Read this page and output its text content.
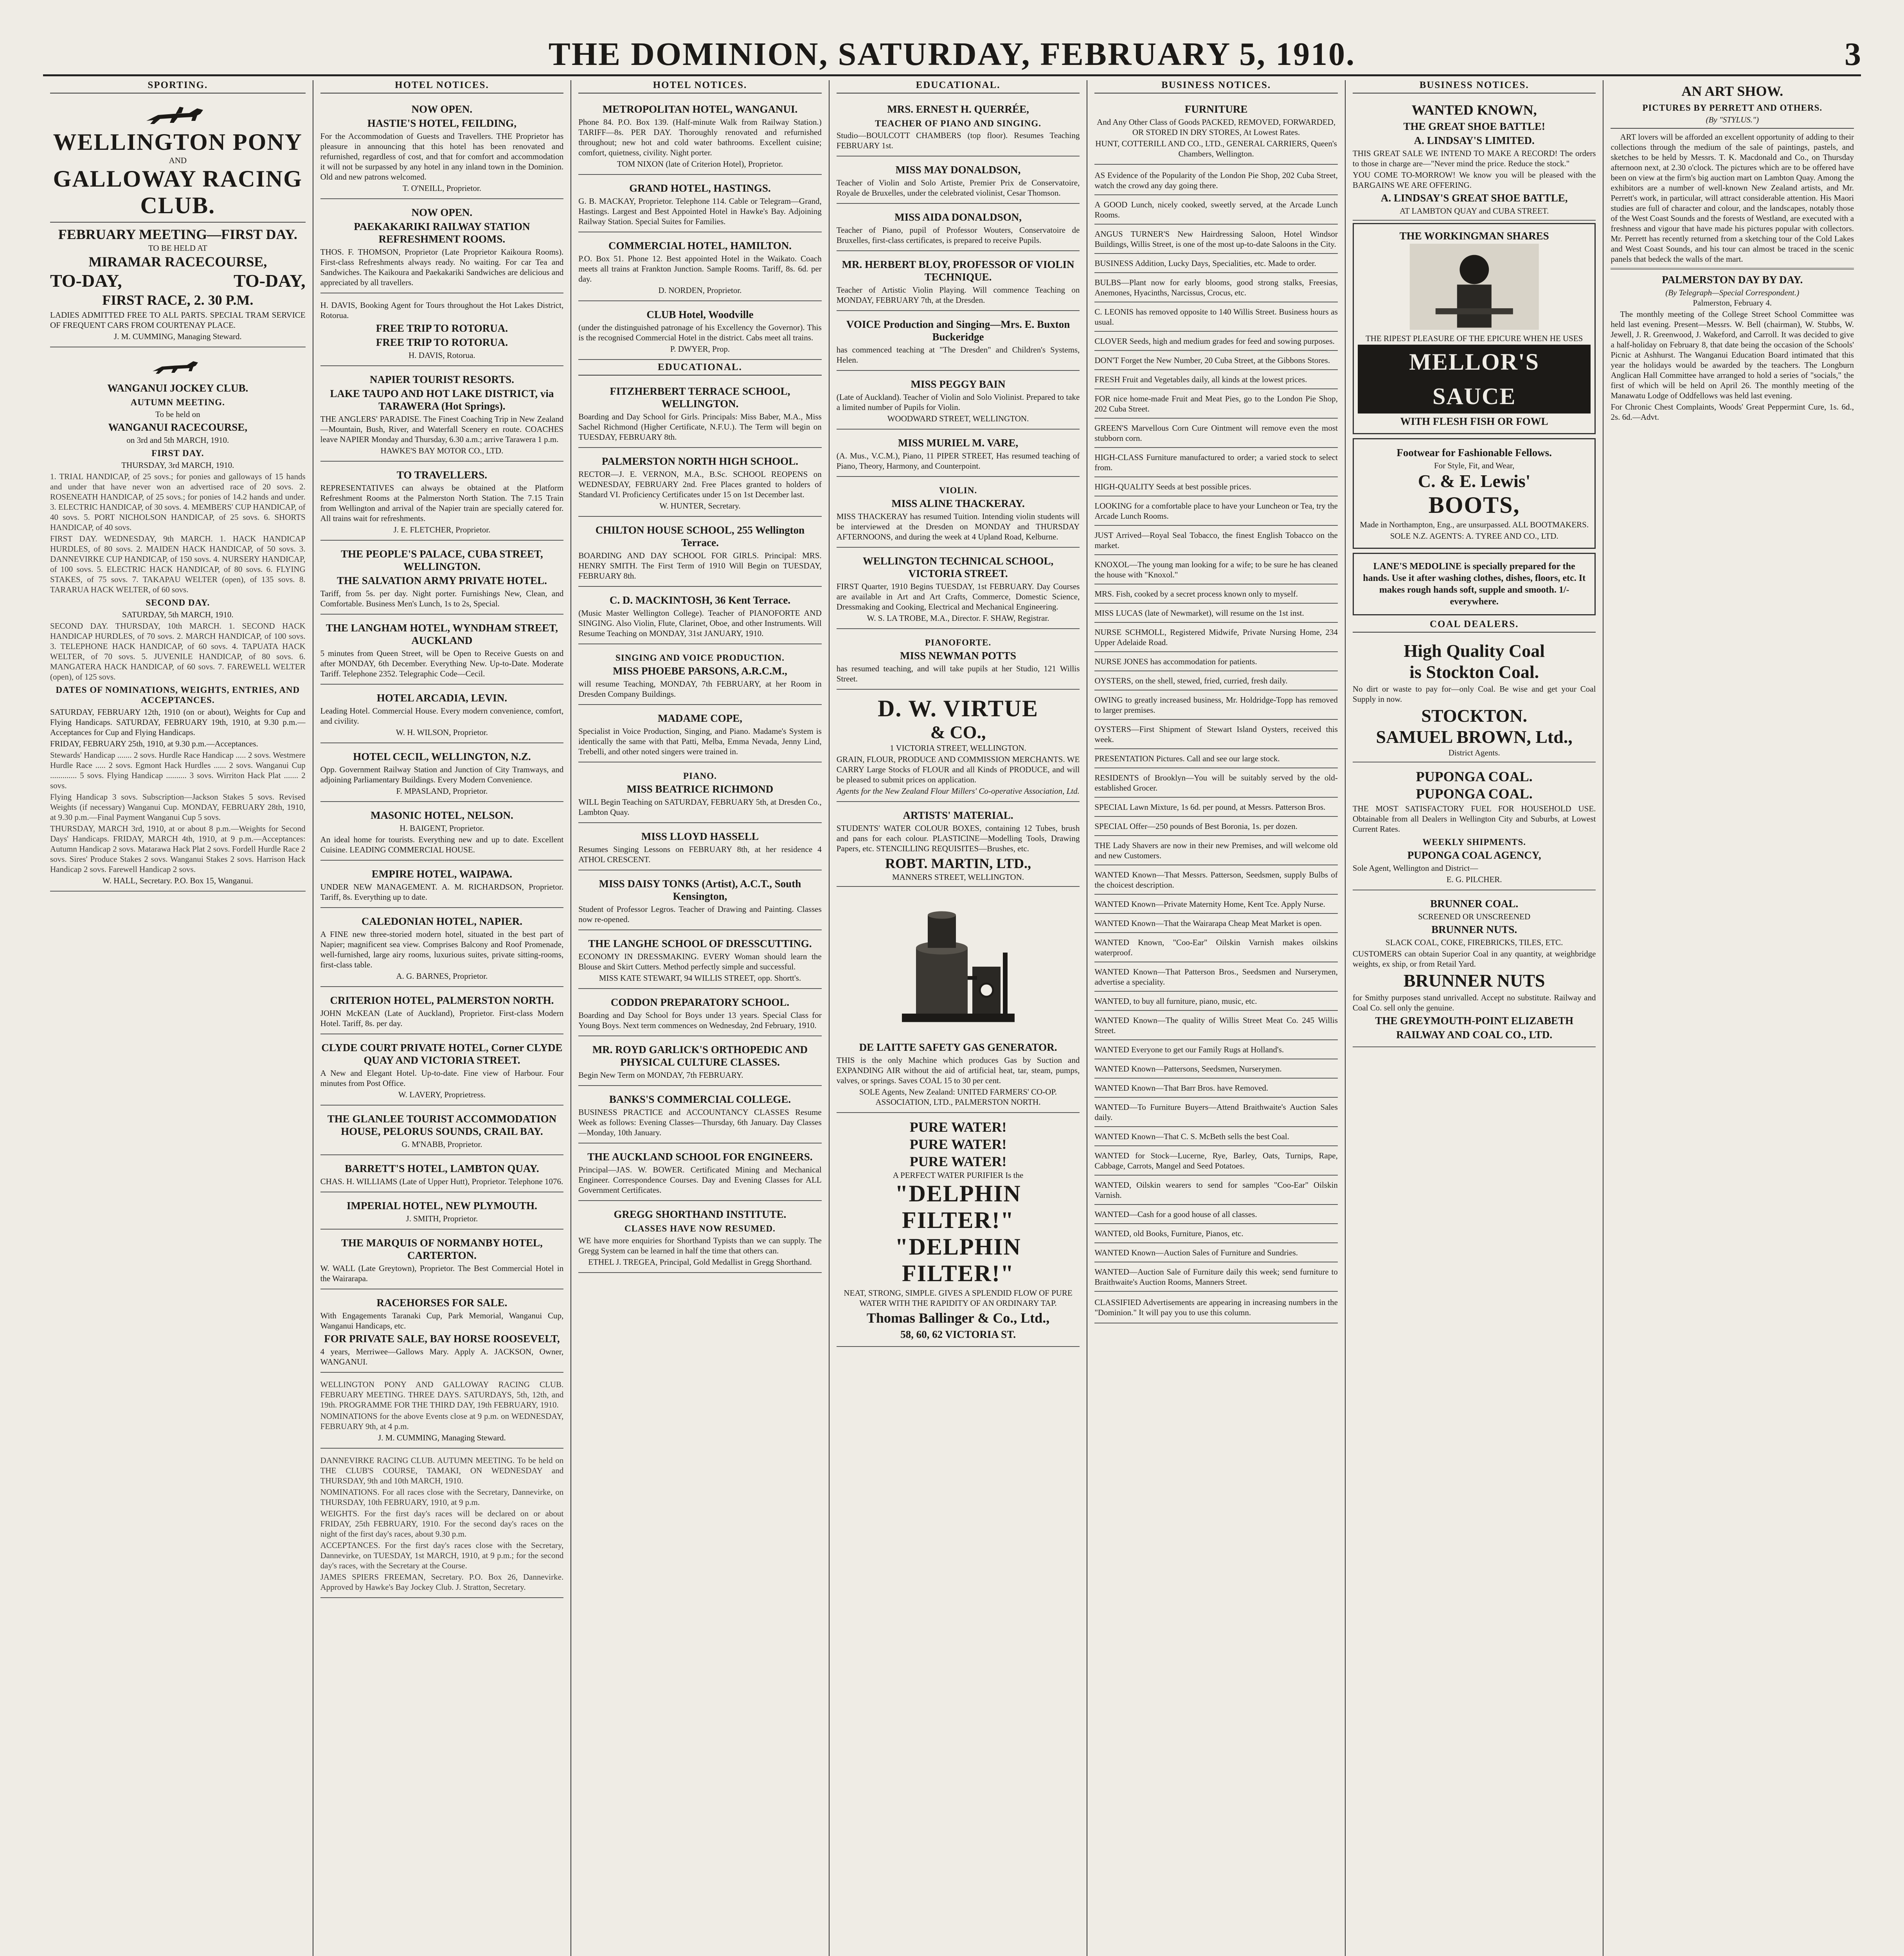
THE DOMINION, SATURDAY, FEBRUARY 5, 1910.	3
SPORTING.
WELLINGTON PONY
AND
GALLOWAY RACING CLUB.
FEBRUARY MEETING—FIRST DAY.
TO BE HELD AT
MIRAMAR RACECOURSE,
TO-DAY,	TO-DAY,
FIRST RACE, 2. 30 P.M.
LADIES ADMITTED FREE TO ALL PARTS. SPECIAL TRAM SERVICE OF FREQUENT CARS FROM COURTENAY PLACE.
J. M. CUMMING, Managing Steward.
WANGANUI JOCKEY CLUB.
AUTUMN MEETING.
To be held on
WANGANUI RACECOURSE,
on 3rd and 5th MARCH, 1910.
FIRST DAY.
THURSDAY, 3rd MARCH, 1910.
1. TRIAL HANDICAP, of 25 sovs.; for ponies and galloways of 15 hands and under that have never won an advertised race of 20 sovs. 2. ROSENEATH HANDICAP, of 25 sovs.; for ponies of 14.2 hands and under. 3. ELECTRIC HANDICAP, of 30 sovs. 4. MEMBERS' CUP HANDICAP, of 40 sovs. 5. PORT NICHOLSON HANDICAP, of 25 sovs. 6. SHORTS HANDICAP, of 40 sovs.
FIRST DAY. WEDNESDAY, 9th MARCH. 1. HACK HANDICAP HURDLES, of 80 sovs. 2. MAIDEN HACK HANDICAP, of 50 sovs. 3. DANNEVIRKE CUP HANDICAP, of 150 sovs. 4. NURSERY HANDICAP, of 100 sovs. 5. ELECTRIC HACK HANDICAP, of 80 sovs. 6. FLYING STAKES, of 75 sovs. 7. TAKAPAU WELTER (open), of 135 sovs. 8. TARARUA HACK WELTER, of 60 sovs.
SECOND DAY.
SATURDAY, 5th MARCH, 1910.
SECOND DAY. THURSDAY, 10th MARCH. 1. SECOND HACK HANDICAP HURDLES, of 70 sovs. 2. MARCH HANDICAP, of 100 sovs. 3. TELEPHONE HACK HANDICAP, of 60 sovs. 4. TAPUATA HACK WELTER, of 70 sovs. 5. JUVENILE HANDICAP, of 80 sovs. 6. MANGATERA HACK HANDICAP, of 60 sovs. 7. FAREWELL WELTER (open), of 125 sovs.
DATES OF NOMINATIONS, WEIGHTS, ENTRIES, AND ACCEPTANCES.
SATURDAY, FEBRUARY 12th, 1910 (on or about), Weights for Cup and Flying Handicaps. SATURDAY, FEBRUARY 19th, 1910, at 9.30 p.m.—Acceptances for Cup and Flying Handicaps.
FRIDAY, FEBRUARY 25th, 1910, at 9.30 p.m.—Acceptances.
Stewards' Handicap ....... 2 sovs. Hurdle Race Handicap ..... 2 sovs. Westmere Hurdle Race ..... 2 sovs. Egmont Hack Hurdles ...... 2 sovs. Wanganui Cup ............. 5 sovs. Flying Handicap .......... 3 sovs. Wirriton Hack Plat ....... 2 sovs.
Flying Handicap 3 sovs. Subscription—Jackson Stakes 5 sovs. Revised Weights (if necessary) Wanganui Cup. MONDAY, FEBRUARY 28th, 1910, at 9.30 p.m.—Final Payment Wanganui Cup 5 sovs.
THURSDAY, MARCH 3rd, 1910, at or about 8 p.m.—Weights for Second Days' Handicaps. FRIDAY, MARCH 4th, 1910, at 9 p.m.—Acceptances: Autumn Handicap 2 sovs. Matarawa Hack Plat 2 sovs. Fordell Hurdle Race 2 sovs. Sires' Produce Stakes 2 sovs. Wanganui Stakes 2 sovs. Harrison Hack Handicap 2 sovs. Farewell Handicap 2 sovs.
W. HALL, Secretary. P.O. Box 15, Wanganui.
HOTEL NOTICES.
NOW OPEN.
HASTIE'S HOTEL, FEILDING,
For the Accommodation of Guests and Travellers. THE Proprietor has pleasure in announcing that this hotel has been renovated and refurnished, regardless of cost, and that for comfort and accommodation it will not be surpassed by any hotel in any inland town in the Dominion. Old and new patrons welcomed.
T. O'NEILL, Proprietor.
NOW OPEN.
PAEKAKARIKI RAILWAY STATION REFRESHMENT ROOMS.
THOS. F. THOMSON, Proprietor (Late Proprietor Kaikoura Rooms). First-class Refreshments always ready. No waiting. For car Tea and Sandwiches. The Kaikoura and Paekakariki Sandwiches are delicious and appreciated by all travellers.
H. DAVIS, Booking Agent for Tours throughout the Hot Lakes District, Rotorua.
FREE TRIP TO ROTORUA.
FREE TRIP TO ROTORUA.
H. DAVIS, Rotorua.
NAPIER TOURIST RESORTS.
LAKE TAUPO AND HOT LAKE DISTRICT, via TARAWERA (Hot Springs).
THE ANGLERS' PARADISE. The Finest Coaching Trip in New Zealand—Mountain, Bush, River, and Waterfall Scenery en route. COACHES leave NAPIER Monday and Thursday, 6.30 a.m.; arrive Tarawera 1 p.m.
HAWKE'S BAY MOTOR CO., LTD.
TO TRAVELLERS.
REPRESENTATIVES can always be obtained at the Platform Refreshment Rooms at the Palmerston North Station. The 7.15 Train from Wellington and arrival of the Napier train are specially catered for. All trains wait for refreshments.
J. E. FLETCHER, Proprietor.
THE PEOPLE'S PALACE, CUBA STREET, WELLINGTON.
THE SALVATION ARMY PRIVATE HOTEL.
Tariff, from 5s. per day. Night porter. Furnishings New, Clean, and Comfortable. Business Men's Lunch, 1s to 2s, Special.
THE LANGHAM HOTEL, WYNDHAM STREET, AUCKLAND
5 minutes from Queen Street, will be Open to Receive Guests on and after MONDAY, 6th December. Everything New. Up-to-Date. Moderate Tariff. Telephone 2352. Telegraphic Code—Cecil.
HOTEL ARCADIA, LEVIN.
Leading Hotel. Commercial House. Every modern convenience, comfort, and civility.
W. H. WILSON, Proprietor.
HOTEL CECIL, WELLINGTON, N.Z.
Opp. Government Railway Station and Junction of City Tramways, and adjoining Parliamentary Buildings. Every Modern Convenience.
F. MPASLAND, Proprietor.
MASONIC HOTEL, NELSON.
H. BAIGENT, Proprietor.
An ideal home for tourists. Everything new and up to date. Excellent Cuisine. LEADING COMMERCIAL HOUSE.
EMPIRE HOTEL, WAIPAWA.
UNDER NEW MANAGEMENT. A. M. RICHARDSON, Proprietor. Tariff, 8s. Everything up to date.
CALEDONIAN HOTEL, NAPIER.
A FINE new three-storied modern hotel, situated in the best part of Napier; magnificent sea view. Comprises Balcony and Roof Promenade, well-furnished, large airy rooms, luxurious suites, private sitting-rooms, first-class table.
A. G. BARNES, Proprietor.
CRITERION HOTEL, PALMERSTON NORTH.
JOHN McKEAN (Late of Auckland), Proprietor. First-class Modern Hotel. Tariff, 8s. per day.
CLYDE COURT PRIVATE HOTEL, Corner CLYDE QUAY AND VICTORIA STREET.
A New and Elegant Hotel. Up-to-date. Fine view of Harbour. Four minutes from Post Office.
W. LAVERY, Proprietress.
THE GLANLEE TOURIST ACCOMMODATION HOUSE, PELORUS SOUNDS, CRAIL BAY.
G. M'NABB, Proprietor.
BARRETT'S HOTEL, LAMBTON QUAY.
CHAS. H. WILLIAMS (Late of Upper Hutt), Proprietor. Telephone 1076.
IMPERIAL HOTEL, NEW PLYMOUTH.
J. SMITH, Proprietor.
THE MARQUIS OF NORMANBY HOTEL, CARTERTON.
W. WALL (Late Greytown), Proprietor. The Best Commercial Hotel in the Wairarapa.
RACEHORSES FOR SALE.
With Engagements Taranaki Cup, Park Memorial, Wanganui Cup, Wanganui Handicaps, etc.
FOR PRIVATE SALE, BAY HORSE ROOSEVELT,
4 years, Merriwee—Gallows Mary. Apply A. JACKSON, Owner, WANGANUI.
WELLINGTON PONY AND GALLOWAY RACING CLUB. FEBRUARY MEETING. THREE DAYS. SATURDAYS, 5th, 12th, and 19th. PROGRAMME FOR THE THIRD DAY, 19th FEBRUARY, 1910.
NOMINATIONS for the above Events close at 9 p.m. on WEDNESDAY, FEBRUARY 9th, at 4 p.m.
J. M. CUMMING, Managing Steward.
DANNEVIRKE RACING CLUB. AUTUMN MEETING. To be held on THE CLUB'S COURSE, TAMAKI, ON WEDNESDAY and THURSDAY, 9th and 10th MARCH, 1910.
NOMINATIONS. For all races close with the Secretary, Dannevirke, on THURSDAY, 10th FEBRUARY, 1910, at 9 p.m.
WEIGHTS. For the first day's races will be declared on or about FRIDAY, 25th FEBRUARY, 1910. For the second day's races on the night of the first day's races, about 9.30 p.m.
ACCEPTANCES. For the first day's races close with the Secretary, Dannevirke, on TUESDAY, 1st MARCH, 1910, at 9 p.m.; for the second day's races, with the Secretary at the Course.
JAMES SPIERS FREEMAN, Secretary. P.O. Box 26, Dannevirke. Approved by Hawke's Bay Jockey Club. J. Stratton, Secretary.
HOTEL NOTICES.
METROPOLITAN HOTEL, WANGANUI.
Phone 84. P.O. Box 139. (Half-minute Walk from Railway Station.) TARIFF—8s. PER DAY. Thoroughly renovated and refurnished throughout; new hot and cold water bathrooms. Excellent cuisine; comfort, quietness, civility. Night porter.
TOM NIXON (late of Criterion Hotel), Proprietor.
GRAND HOTEL, HASTINGS.
G. B. MACKAY, Proprietor. Telephone 114. Cable or Telegram—Grand, Hastings. Largest and Best Appointed Hotel in Hawke's Bay. Adjoining Railway Station. Special Suites for Families.
COMMERCIAL HOTEL, HAMILTON.
P.O. Box 51. Phone 12. Best appointed Hotel in the Waikato. Coach meets all trains at Frankton Junction. Sample Rooms. Tariff, 8s. 6d. per day.
D. NORDEN, Proprietor.
CLUB Hotel, Woodville
(under the distinguished patronage of his Excellency the Governor). This is the recognised Commercial Hotel in the district. Cabs meet all trains.
P. DWYER, Prop.
EDUCATIONAL.
FITZHERBERT TERRACE SCHOOL, WELLINGTON.
Boarding and Day School for Girls. Principals: Miss Baber, M.A., Miss Sachel Richmond (Higher Certificate, N.F.U.). The Term will begin on TUESDAY, FEBRUARY 8th.
PALMERSTON NORTH HIGH SCHOOL.
RECTOR—J. E. VERNON, M.A., B.Sc. SCHOOL REOPENS on WEDNESDAY, FEBRUARY 2nd. Free Places granted to holders of Standard VI. Proficiency Certificates under 15 on 1st December last.
W. HUNTER, Secretary.
CHILTON HOUSE SCHOOL, 255 Wellington Terrace.
BOARDING AND DAY SCHOOL FOR GIRLS. Principal: MRS. HENRY SMITH. The First Term of 1910 Will Begin on TUESDAY, FEBRUARY 8th.
C. D. MACKINTOSH, 36 Kent Terrace.
(Music Master Wellington College). Teacher of PIANOFORTE AND SINGING. Also Violin, Flute, Clarinet, Oboe, and other Instruments. Will Resume Teaching on MONDAY, 31st JANUARY, 1910.
SINGING AND VOICE PRODUCTION.
MISS PHOEBE PARSONS, A.R.C.M.,
will resume Teaching, MONDAY, 7th FEBRUARY, at her Room in Dresden Company Buildings.
MADAME COPE,
Specialist in Voice Production, Singing, and Piano. Madame's System is identically the same with that Patti, Melba, Emma Nevada, Jenny Lind, Trebelli, and other noted singers were trained in.
PIANO.
MISS BEATRICE RICHMOND
WILL Begin Teaching on SATURDAY, FEBRUARY 5th, at Dresden Co., Lambton Quay.
MISS LLOYD HASSELL
Resumes Singing Lessons on FEBRUARY 8th, at her residence 4 ATHOL CRESCENT.
MISS DAISY TONKS (Artist), A.C.T., South Kensington,
Student of Professor Legros. Teacher of Drawing and Painting. Classes now re-opened.
THE LANGHE SCHOOL OF DRESSCUTTING.
ECONOMY IN DRESSMAKING. EVERY Woman should learn the Blouse and Skirt Cutters. Method perfectly simple and successful.
MISS KATE STEWART, 94 WILLIS STREET, opp. Shortt's.
CODDON PREPARATORY SCHOOL.
Boarding and Day School for Boys under 13 years. Special Class for Young Boys. Next term commences on Wednesday, 2nd February, 1910.
MR. ROYD GARLICK'S ORTHOPEDIC AND PHYSICAL CULTURE CLASSES.
Begin New Term on MONDAY, 7th FEBRUARY.
BANKS'S COMMERCIAL COLLEGE.
BUSINESS PRACTICE and ACCOUNTANCY CLASSES Resume Week as follows: Evening Classes—Thursday, 6th January. Day Classes—Monday, 10th January.
THE AUCKLAND SCHOOL FOR ENGINEERS.
Principal—JAS. W. BOWER. Certificated Mining and Mechanical Engineer. Correspondence Courses. Day and Evening Classes for ALL Government Certificates.
GREGG SHORTHAND INSTITUTE.
CLASSES HAVE NOW RESUMED.
WE have more enquiries for Shorthand Typists than we can supply. The Gregg System can be learned in half the time that others can.
ETHEL J. TREGEA, Principal, Gold Medallist in Gregg Shorthand.
EDUCATIONAL.
MRS. ERNEST H. QUERRÉE,
TEACHER OF PIANO AND SINGING.
Studio—BOULCOTT CHAMBERS (top floor). Resumes Teaching FEBRUARY 1st.
MISS MAY DONALDSON,
Teacher of Violin and Solo Artiste, Premier Prix de Conservatoire, Royale de Bruxelles, under the celebrated violinist, Cesar Thomson.
MISS AIDA DONALDSON,
Teacher of Piano, pupil of Professor Wouters, Conservatoire de Bruxelles, first-class certificates, is prepared to receive Pupils.
MR. HERBERT BLOY, PROFESSOR OF VIOLIN TECHNIQUE.
Teacher of Artistic Violin Playing. Will commence Teaching on MONDAY, FEBRUARY 7th, at the Dresden.
VOICE Production and Singing—Mrs. E. Buxton Buckeridge
has commenced teaching at "The Dresden" and Children's Systems, Helen.
MISS PEGGY BAIN
(Late of Auckland). Teacher of Violin and Solo Violinist. Prepared to take a limited number of Pupils for Violin.
WOODWARD STREET, WELLINGTON.
MISS MURIEL M. VARE,
(A. Mus., V.C.M.), Piano, 11 PIPER STREET, Has resumed teaching of Piano, Theory, Harmony, and Counterpoint.
VIOLIN.
MISS ALINE THACKERAY.
MISS THACKERAY has resumed Tuition. Intending violin students will be interviewed at the Dresden on MONDAY and THURSDAY AFTERNOONS, and during the week at 4 Upland Road, Kelburne.
WELLINGTON TECHNICAL SCHOOL, VICTORIA STREET.
FIRST Quarter, 1910 Begins TUESDAY, 1st FEBRUARY. Day Courses are available in Art and Art Crafts, Commerce, Domestic Science, Dressmaking and Cooking, Electrical and Mechanical Engineering.
W. S. LA TROBE, M.A., Director. F. SHAW, Registrar.
PIANOFORTE.
MISS NEWMAN POTTS
has resumed teaching, and will take pupils at her Studio, 121 Willis Street.
D. W. VIRTUE
& CO.,
1 VICTORIA STREET, WELLINGTON.
GRAIN, FLOUR, PRODUCE AND COMMISSION MERCHANTS. WE CARRY Large Stocks of FLOUR and all Kinds of PRODUCE, and will be pleased to submit prices on application.
Agents for the New Zealand Flour Millers' Co-operative Association, Ltd.
ARTISTS' MATERIAL.
STUDENTS' WATER COLOUR BOXES, containing 12 Tubes, brush and pans for each colour. PLASTICINE—Modelling Tools, Drawing Papers, etc. STENCILLING REQUISITES—Brushes, etc.
ROBT. MARTIN, LTD.,
MANNERS STREET, WELLINGTON.
DE LAITTE SAFETY GAS GENERATOR.
THIS is the only Machine which produces Gas by Suction and EXPANDING AIR without the aid of artificial heat, tar, steam, pumps, valves, or springs. Saves COAL 15 to 30 per cent.
SOLE Agents, New Zealand: UNITED FARMERS' CO-OP. ASSOCIATION, LTD., PALMERSTON NORTH.
PURE WATER!
PURE WATER!
PURE WATER!
A PERFECT WATER PURIFIER Is the
"DELPHIN FILTER!"
"DELPHIN FILTER!"
NEAT, STRONG, SIMPLE. GIVES A SPLENDID FLOW OF PURE WATER WITH THE RAPIDITY OF AN ORDINARY TAP.
Thomas Ballinger & Co., Ltd.,
58, 60, 62 VICTORIA ST.
BUSINESS NOTICES.
FURNITURE
And Any Other Class of Goods PACKED, REMOVED, FORWARDED, OR STORED IN DRY STORES, At Lowest Rates.
HUNT, COTTERILL AND CO., LTD., GENERAL CARRIERS, Queen's Chambers, Wellington.
AS Evidence of the Popularity of the London Pie Shop, 202 Cuba Street, watch the crowd any day going there.
A GOOD Lunch, nicely cooked, sweetly served, at the Arcade Lunch Rooms.
ANGUS TURNER'S New Hairdressing Saloon, Hotel Windsor Buildings, Willis Street, is one of the most up-to-date Saloons in the City.
BUSINESS Addition, Lucky Days, Specialities, etc. Made to order.
BULBS—Plant now for early blooms, good strong stalks, Freesias, Anemones, Hyacinths, Narcissus, Crocus, etc.
C. LEONIS has removed opposite to 140 Willis Street. Business hours as usual.
CLOVER Seeds, high and medium grades for feed and sowing purposes.
DON'T Forget the New Number, 20 Cuba Street, at the Gibbons Stores.
FRESH Fruit and Vegetables daily, all kinds at the lowest prices.
FOR nice home-made Fruit and Meat Pies, go to the London Pie Shop, 202 Cuba Street.
GREEN'S Marvellous Corn Cure Ointment will remove even the most stubborn corn.
HIGH-CLASS Furniture manufactured to order; a varied stock to select from.
HIGH-QUALITY Seeds at best possible prices.
LOOKING for a comfortable place to have your Luncheon or Tea, try the Arcade Lunch Rooms.
JUST Arrived—Royal Seal Tobacco, the finest English Tobacco on the market.
KNOXOL—The young man looking for a wife; to be sure he has cleaned the house with "Knoxol."
MRS. Fish, cooked by a secret process known only to myself.
MISS LUCAS (late of Newmarket), will resume on the 1st inst.
NURSE SCHMOLL, Registered Midwife, Private Nursing Home, 234 Upper Adelaide Road.
NURSE JONES has accommodation for patients.
OYSTERS, on the shell, stewed, fried, curried, fresh daily.
OWING to greatly increased business, Mr. Holdridge-Topp has removed to larger premises.
OYSTERS—First Shipment of Stewart Island Oysters, received this week.
PRESENTATION Pictures. Call and see our large stock.
RESIDENTS of Brooklyn—You will be suitably served by the old-established Grocer.
SPECIAL Lawn Mixture, 1s 6d. per pound, at Messrs. Patterson Bros.
SPECIAL Offer—250 pounds of Best Boronia, 1s. per dozen.
THE Lady Shavers are now in their new Premises, and will welcome old and new Customers.
WANTED Known—That Messrs. Patterson, Seedsmen, supply Bulbs of the choicest description.
WANTED Known—Private Maternity Home, Kent Tce. Apply Nurse.
WANTED Known—That the Wairarapa Cheap Meat Market is open.
WANTED Known, "Coo-Ear" Oilskin Varnish makes oilskins waterproof.
WANTED Known—That Patterson Bros., Seedsmen and Nurserymen, advertise a speciality.
WANTED, to buy all furniture, piano, music, etc.
WANTED Known—The quality of Willis Street Meat Co. 245 Willis Street.
WANTED Everyone to get our Family Rugs at Holland's.
WANTED Known—Pattersons, Seedsmen, Nurserymen.
WANTED Known—That Barr Bros. have Removed.
WANTED—To Furniture Buyers—Attend Braithwaite's Auction Sales daily.
WANTED Known—That C. S. McBeth sells the best Coal.
WANTED for Stock—Lucerne, Rye, Barley, Oats, Turnips, Rape, Cabbage, Carrots, Mangel and Seed Potatoes.
WANTED, Oilskin wearers to send for samples "Coo-Ear" Oilskin Varnish.
WANTED—Cash for a good house of all classes.
WANTED, old Books, Furniture, Pianos, etc.
WANTED Known—Auction Sales of Furniture and Sundries.
WANTED—Auction Sale of Furniture daily this week; send furniture to Braithwaite's Auction Rooms, Manners Street.
CLASSIFIED Advertisements are appearing in increasing numbers in the "Dominion." It will pay you to use this column.
BUSINESS NOTICES.
WANTED KNOWN,
THE GREAT SHOE BATTLE!
A. LINDSAY'S LIMITED.
THIS GREAT SALE WE INTEND TO MAKE A RECORD! The orders to those in charge are—"Never mind the price. Reduce the stock."
YOU COME TO-MORROW! We know you will be pleased with the BARGAINS WE ARE OFFERING.
A. LINDSAY'S GREAT SHOE BATTLE,
AT LAMBTON QUAY and CUBA STREET.
THE WORKINGMAN SHARES
THE RIPEST PLEASURE OF THE EPICURE WHEN HE USES
MELLOR'S
SAUCE
WITH FLESH FISH OR FOWL
Footwear for Fashionable Fellows.
For Style, Fit, and Wear,
C. & E. Lewis'
BOOTS,
Made in Northampton, Eng., are unsurpassed. ALL BOOTMAKERS.
SOLE N.Z. AGENTS: A. TYREE AND CO., LTD.
LANE'S MEDOLINE is specially prepared for the hands. Use it after washing clothes, dishes, floors, etc. It makes rough hands soft, supple and smooth. 1/- everywhere.
COAL DEALERS.
High Quality Coal
is Stockton Coal.
No dirt or waste to pay for—only Coal. Be wise and get your Coal Supply in now.
STOCKTON.
SAMUEL BROWN, Ltd.,
District Agents.
PUPONGA COAL.
PUPONGA COAL.
THE MOST SATISFACTORY FUEL FOR HOUSEHOLD USE. Obtainable from all Dealers in Wellington City and Suburbs, at Lowest Current Rates.
WEEKLY SHIPMENTS.
PUPONGA COAL AGENCY,
Sole Agent, Wellington and District—
E. G. PILCHER.
BRUNNER COAL.
SCREENED OR UNSCREENED
BRUNNER NUTS.
SLACK COAL, COKE, FIREBRICKS, TILES, ETC.
CUSTOMERS can obtain Superior Coal in any quantity, at weighbridge weights, ex ship, or from Retail Yard.
BRUNNER NUTS
for Smithy purposes stand unrivalled. Accept no substitute. Railway and Coal Co. sell only the genuine.
THE GREYMOUTH-POINT ELIZABETH
RAILWAY AND COAL CO., LTD.
AN ART SHOW.
PICTURES BY PERRETT AND OTHERS.
(By "STYLUS.")
ART lovers will be afforded an excellent opportunity of adding to their collections through the medium of the sale of paintings, pastels, and sketches to be held by Messrs. T. K. Macdonald and Co., on Thursday afternoon next, at 2.30 o'clock. The pictures which are to be offered have been on view at the firm's big auction mart on Lambton Quay. Among the exhibitors are a number of well-known New Zealand artists, and Mr. Perrett's work, in particular, will attract considerable attention. His Maori studies are full of character and colour, and the landscapes, notably those of the West Coast Sounds and the forests of Westland, are executed with a freshness and vigour that have made his pictures popular with collectors. Mr. Perrett has recently returned from a sketching tour of the Cold Lakes and West Coast Sounds, and his tour can almost be traced in the scenic panels that bedeck the walls of the mart.
PALMERSTON DAY BY DAY.
(By Telegraph—Special Correspondent.)
Palmerston, February 4.
The monthly meeting of the College Street School Committee was held last evening. Present—Messrs. W. Bell (chairman), W. Stubbs, W. Jewell, J. R. Greenwood, J. Wakeford, and Carroll. It was decided to give a half-holiday on February 8, that date being the occasion of the Schools' Picnic at Ashhurst. The Wanganui Education Board intimated that this year the holidays would be awarded by the teachers. The Longburn Anglican Hall Committee have arranged to hold a series of "socials," the first of which will be held on April 26. The monthly meeting of the Manawatu Lodge of Oddfellows was held last evening.
For Chronic Chest Complaints, Woods' Great Peppermint Cure, 1s. 6d., 2s. 6d.—Advt.
